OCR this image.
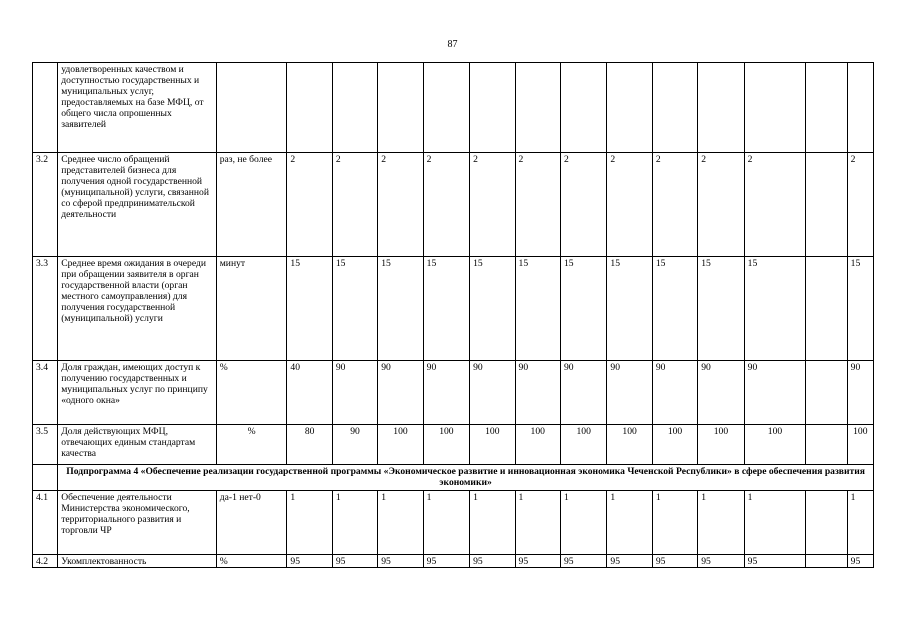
87
	удовлетворенных качеством и доступностью государственных и муниципальных услуг, предоставляемых на базе МФЦ, от общего числа опрошенных заявителей														
3.2	Среднее число обращений представителей бизнеса для получения одной государственной (муниципальной) услуги, связанной со сферой предпринимательской деятельности	раз, не более	2	2	2	2	2	2	2	2	2	2	2		2
3.3	Среднее время ожидания в очереди при обращении заявителя в орган государственной власти (орган местного самоуправления) для получения государственной (муниципальной) услуги	минут	15	15	15	15	15	15	15	15	15	15	15		15
3.4	Доля граждан, имеющих доступ к получению государственных и муниципальных услуг по принципу «одного окна»	%	40	90	90	90	90	90	90	90	90	90	90		90
3.5	Доля действующих МФЦ, отвечающих единым стандартам качества	%	80	90	100	100	100	100	100	100	100	100	100		100
	Подпрограмма 4 «Обеспечение реализации государственной программы «Экономическое развитие и инновационная экономика Чеченской Республики» в сфере обеспечения развития экономики»														
4.1	Обеспечение деятельности Министерства экономического, территориального развития и торговли ЧР	да-1 нет-0	1	1	1	1	1	1	1	1	1	1	1		1
4.2	Укомплектованность	%	95	95	95	95	95	95	95	95	95	95	95		95
